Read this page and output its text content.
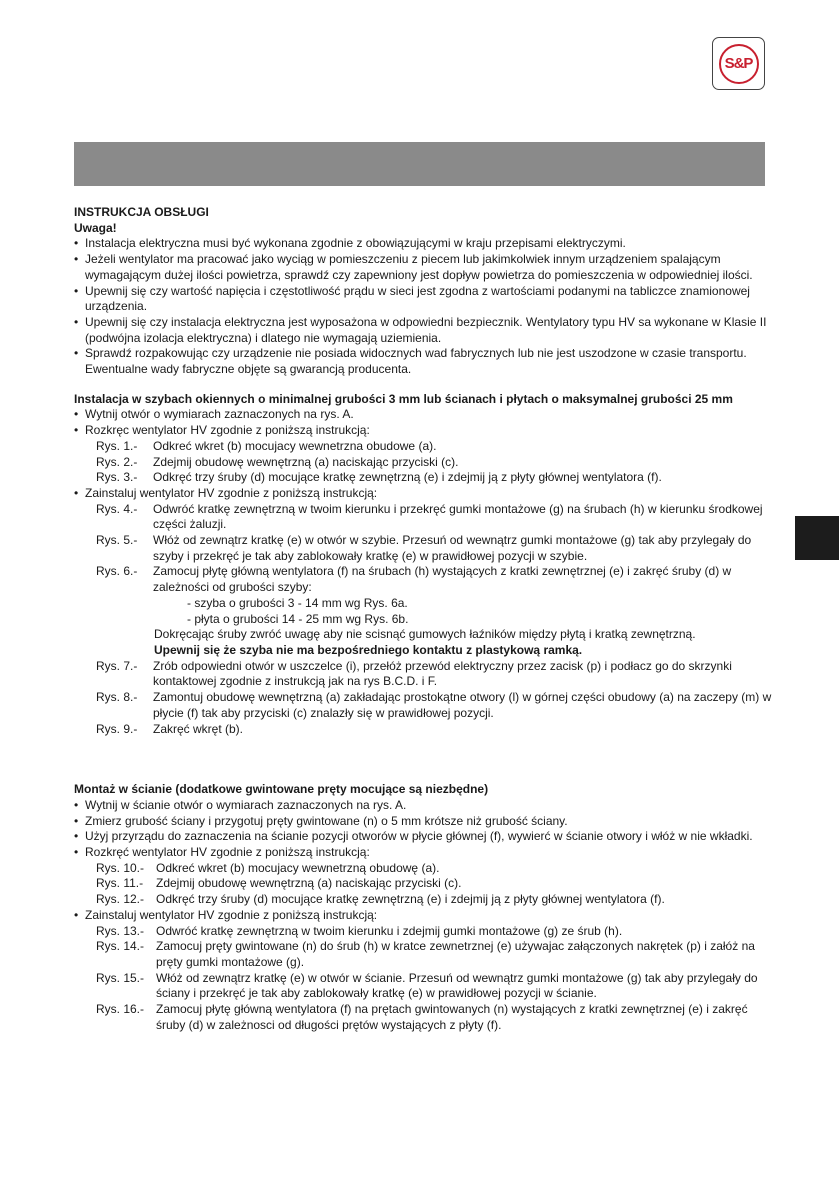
S&P

INSTRUKCJA OBSŁUGI

Uwaga!

• Instalacja elektryczna musi być wykonana zgodnie z obowiązującymi w kraju przepisami elektryczymi.

• Jeżeli wentylator ma pracować jako wyciąg w pomieszczeniu z piecem lub jakimkolwiek innym urządzeniem spalającym wymagającym dużej ilości powietrza, sprawdź czy zapewniony jest dopływ powietrza do pomieszczenia w odpowiedniej ilości.

• Upewnij się czy wartość napięcia i częstotliwość prądu w sieci jest zgodna z wartościami podanymi na tabliczce znamionowej urządzenia.

• Upewnij się czy instalacja elektryczna jest wyposażona w odpowiedni bezpiecznik. Wentylatory typu HV sa wykonane w Klasie II (podwójna izolacja elektryczna) i dlatego nie wymagają uziemienia.

• Sprawdź rozpakowując czy urządzenie nie posiada widocznych wad fabrycznych lub nie jest uszodzone w czasie transportu. Ewentualne wady fabryczne objęte są gwarancją producenta.

Instalacja w szybach okiennych o minimalnej grubości 3 mm lub ścianach i płytach o maksymalnej grubości 25 mm

• Wytnij otwór o wymiarach zaznaczonych na rys. A.

• Rozkręc wentylator HV zgodnie z poniższą instrukcją:

Rys. 1.-	Odkreć wkret (b) mocujacy wewnetrzna obudowe (a).
Rys. 2.-	Zdejmij obudowę wewnętrzną (a) naciskając przyciski (c).
Rys. 3.-	Odkręć trzy śruby (d) mocujące kratkę zewnętrzną (e) i zdejmij ją z płyty głównej wentylatora (f).

• Zainstaluj wentylator HV zgodnie z poniższą instrukcją:

Rys. 4.-	Odwróć kratkę zewnętrzną w twoim kierunku i przekręć gumki montażowe (g) na śrubach (h) w kierunku środkowej części żaluzji.
Rys. 5.-	Włóż od zewnątrz kratkę (e) w otwór w szybie. Przesuń od wewnątrz gumki montażowe (g) tak aby przylegały do szyby i przekręć je tak aby zablokowały kratkę (e) w prawidłowej pozycji w szybie.
Rys. 6.-	Zamocuj płytę główną wentylatora (f) na śrubach (h) wystających z kratki zewnętrznej (e) i zakręć śruby (d) w zależności od grubości szyby:

- szyba o grubości 3 - 14 mm wg Rys. 6a.

- płyta o grubości 14 - 25 mm wg Rys. 6b.

Dokręcając śruby zwróć uwagę aby nie scisnąć gumowych łaźników między płytą i kratką zewnętrzną.

Upewnij się że szyba nie ma bezpośredniego kontaktu z plastykową ramką.

Rys. 7.-	Zrób odpowiedni otwór w uszczelce (i), przełóż przewód elektryczny przez zacisk (p) i podłacz go do skrzynki kontaktowej zgodnie z instrukcją jak na rys B.C.D. i F.
Rys. 8.-	Zamontuj obudowę wewnętrzną (a) zakładając prostokątne otwory (l) w górnej części obudowy (a) na zaczepy (m) w płycie (f) tak aby przyciski (c) znalazły się w prawidłowej pozycji.
Rys. 9.-	Zakręć wkręt (b).

Montaż w ścianie (dodatkowe gwintowane pręty mocujące są niezbędne)

• Wytnij w ścianie otwór o wymiarach zaznaczonych na rys. A.

• Zmierz grubość ściany i przygotuj pręty gwintowane (n) o 5 mm krótsze niż grubość ściany.

• Użyj przyrządu do zaznaczenia na ścianie pozycji otworów w płycie głównej (f), wywierć w ścianie otwory i włóż w nie wkładki.

• Rozkręć wentylator HV zgodnie z poniższą instrukcją:

Rys. 10.- Odkreć wkret (b) mocujacy wewnetrzną obudowę (a).
Rys. 11.-	Zdejmij obudowę wewnętrzną (a) naciskając przyciski (c).
Rys. 12.- Odkręć trzy śruby (d) mocujące kratkę zewnętrzną (e) i zdejmij ją z płyty głównej wentylatora (f).

• Zainstaluj wentylator HV zgodnie z poniższą instrukcją:

Rys. 13.- Odwróć kratkę zewnętrzną w twoim kierunku i zdejmij gumki montażowe (g) ze śrub (h).
Rys. 14.- Zamocuj pręty gwintowane (n) do śrub (h) w kratce zewnetrznej (e) używajac załączonych nakrętek (p) i załóż na pręty gumki montażowe (g).
Rys. 15.- Włóż od zewnątrz kratkę (e) w otwór w ścianie. Przesuń od wewnątrz gumki montażowe (g) tak aby przylegały do ściany i przekręć je tak aby zablokowały kratkę (e) w prawidłowej pozycji w ścianie.
Rys. 16.- Zamocuj płytę główną wentylatora (f) na prętach gwintowanych (n) wystających z kratki zewnętrznej (e) i zakręć śruby (d) w zależnosci od długości prętów wystających z płyty (f).
